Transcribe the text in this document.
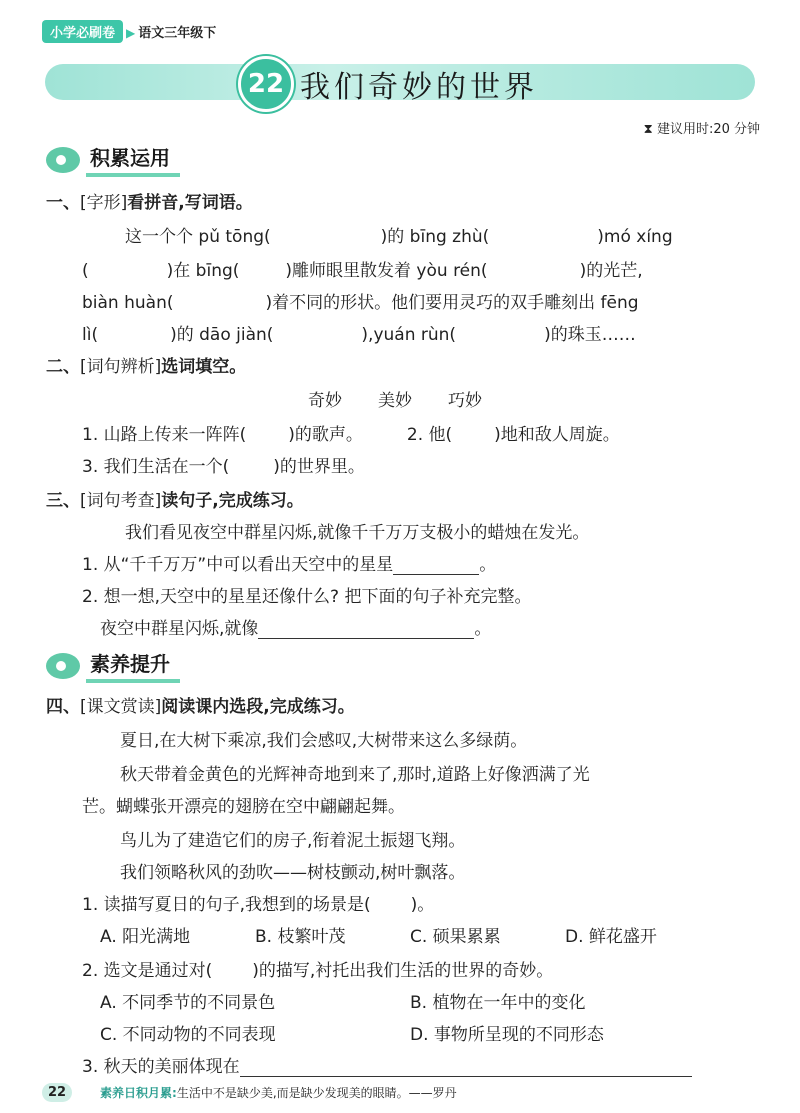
小学必刷卷 ▶ 语文三年级下
22 我们奇妙的世界
⧗ 建议用时:20 分钟
积累运用
一、[字形]看拼音,写词语。
这一个个 pǔ tōng(	)的 bīng zhù(	)mó xíng
(	)在 bīng(	)雕师眼里散发着 yòu rén(	)的光芒,
biàn huàn(	)着不同的形状。他们要用灵巧的双手雕刻出 fēng
lì(	)的 dāo jiàn(	),yuán rùn(	)的珠玉……
二、[词句辨析]选词填空。
奇妙 美妙 巧妙
1. 山路上传来一阵阵( )的歌声。	2. 他( )地和敌人周旋。
3. 我们生活在一个(	)的世界里。
三、[词句考查]读句子,完成练习。
我们看见夜空中群星闪烁,就像千千万万支极小的蜡烛在发光。
1. 从“千千万万”中可以看出天空中的星星	。
2. 想一想,天空中的星星还像什么? 把下面的句子补充完整。
夜空中群星闪烁,就像	。
素养提升
四、[课文赏读]阅读课内选段,完成练习。
夏日,在大树下乘凉,我们会感叹,大树带来这么多绿荫。
秋天带着金黄色的光辉神奇地到来了,那时,道路上好像洒满了光
芒。蝴蝶张开漂亮的翅膀在空中翩翩起舞。
鸟儿为了建造它们的房子,衔着泥土振翅飞翔。
我们领略秋风的劲吹——树枝颤动,树叶飘落。
1. 读描写夏日的句子,我想到的场景是( )。
A. 阳光满地	B. 枝繁叶茂	C. 硕果累累	D. 鲜花盛开
2. 选文是通过对( )的描写,衬托出我们生活的世界的奇妙。
A. 不同季节的不同景色	B. 植物在一年中的变化
C. 不同动物的不同表现	D. 事物所呈现的不同形态
3. 秋天的美丽体现在
22	素养日积月累:生活中不是缺少美,而是缺少发现美的眼睛。——罗丹
